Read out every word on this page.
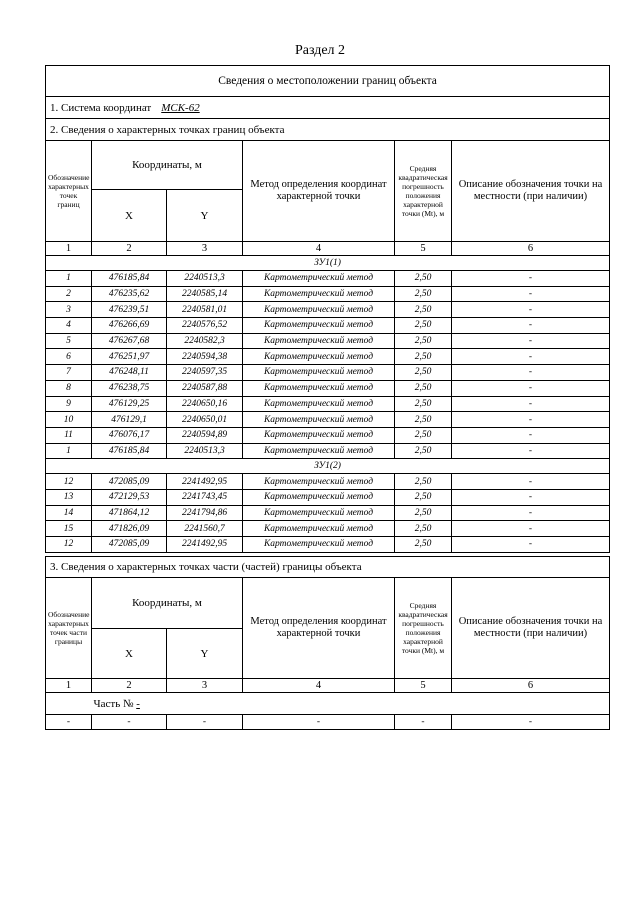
Раздел 2
Сведения о местоположении границ объекта					
1. Система координат МСК-62					
2. Сведения о характерных точках границ объекта					
Обозначение характерных точек границ	Координаты, м		Метод определения координат характерной точки	Средняя квадратическая погрешность положения характерной точки (Mt), м	Описание обозначения точки на местности (при наличии)
	X	Y			
1	2	3	4	5	6
ЗУ1(1)					
1	476185,84	2240513,3	Картометрический метод	2,50	-
2	476235,62	2240585,14	Картометрический метод	2,50	-
3	476239,51	2240581,01	Картометрический метод	2,50	-
4	476266,69	2240576,52	Картометрический метод	2,50	-
5	476267,68	2240582,3	Картометрический метод	2,50	-
6	476251,97	2240594,38	Картометрический метод	2,50	-
7	476248,11	2240597,35	Картометрический метод	2,50	-
8	476238,75	2240587,88	Картометрический метод	2,50	-
9	476129,25	2240650,16	Картометрический метод	2,50	-
10	476129,1	2240650,01	Картометрический метод	2,50	-
11	476076,17	2240594,89	Картометрический метод	2,50	-
1	476185,84	2240513,3	Картометрический метод	2,50	-
ЗУ1(2)					
12	472085,09	2241492,95	Картометрический метод	2,50	-
13	472129,53	2241743,45	Картометрический метод	2,50	-
14	471864,12	2241794,86	Картометрический метод	2,50	-
15	471826,09	2241560,7	Картометрический метод	2,50	-
12	472085,09	2241492,95	Картометрический метод	2,50	-
3. Сведения о характерных точках части (частей) границы объекта					
Обозначение характерных точек части границы	Координаты, м		Метод определения координат характерной точки	Средняя квадратическая погрешность положения характерной точки (Mt), м	Описание обозначения точки на местности (при наличии)
	X	Y			
1	2	3	4	5	6
	Часть № -				
-	-	-	-	-	-
